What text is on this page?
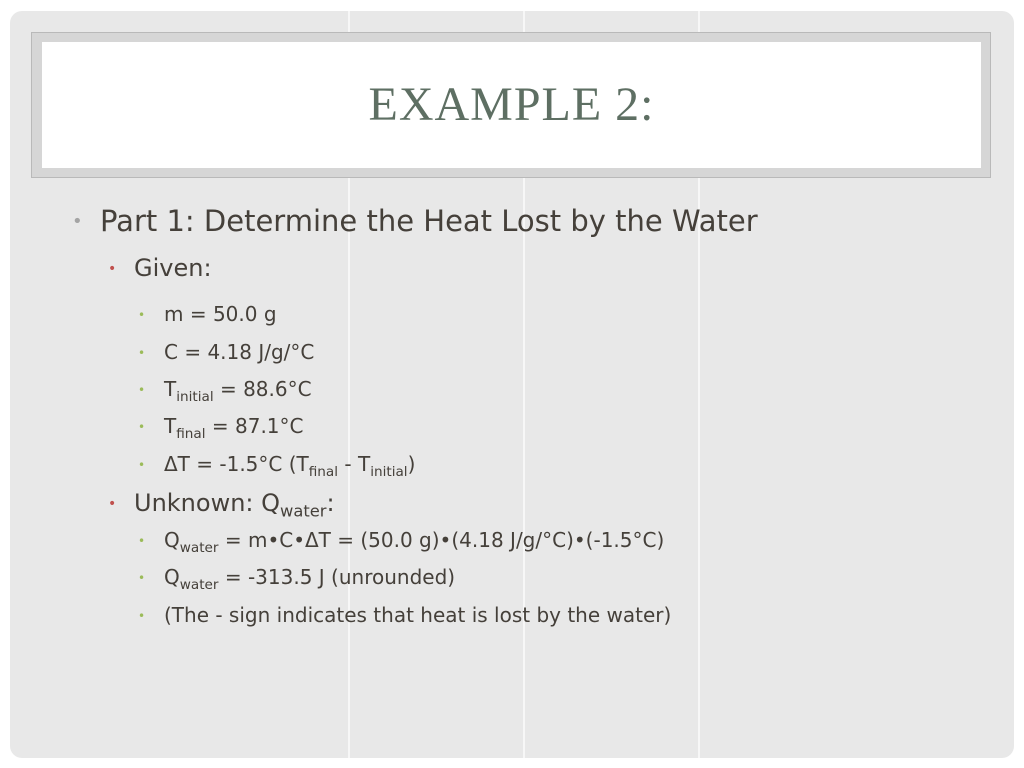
EXAMPLE 2:
• Part 1: Determine the Heat Lost by the Water
• Given:
• m = 50.0 g
• C = 4.18 J/g/°C
• $T_{initial} = 88.6^\circ C$
• $T_{final} = 87.1^\circ C$
• ΔT = -1.5°C $(T_{final} - T_{initial})$
• Unknown: $Q_{water}$:
• $Q_{water}$ = m•C•ΔT = (50.0 g)•(4.18 J/g/°C)•(-1.5°C)
• $Q_{water} = -313.5$ J (unrounded)
• (The - sign indicates that heat is lost by the water)
